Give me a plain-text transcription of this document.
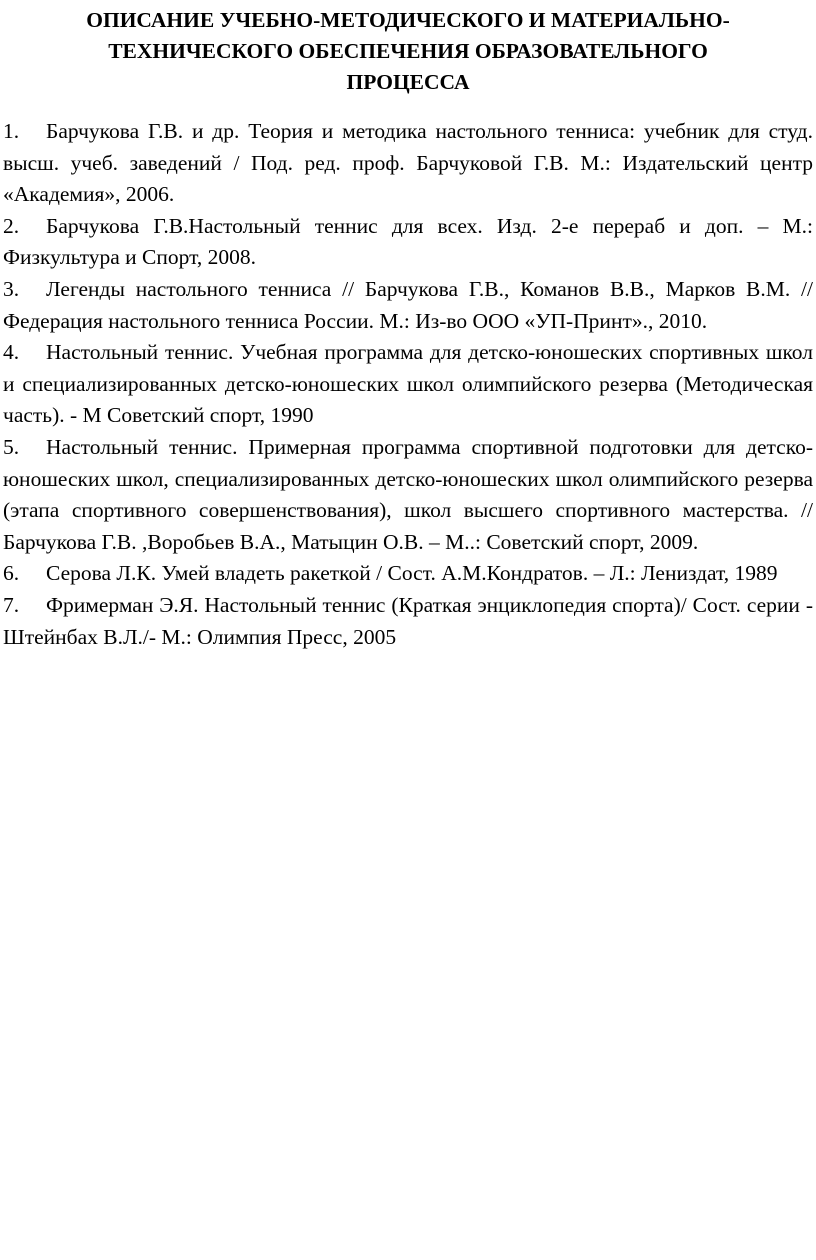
ОПИСАНИЕ УЧЕБНО-МЕТОДИЧЕСКОГО И МАТЕРИАЛЬНО-
ТЕХНИЧЕСКОГО ОБЕСПЕЧЕНИЯ ОБРАЗОВАТЕЛЬНОГО
ПРОЦЕССА
1. Барчукова Г.В. и др. Теория и методика настольного тенниса: учебник для студ. высш. учеб. заведений / Под. ред. проф. Барчуковой Г.В. М.: Издательский центр «Академия», 2006.
2. Барчукова Г.В.Настольный теннис для всех. Изд. 2-е перераб и доп. – М.: Физкультура и Спорт, 2008.
3. Легенды настольного тенниса // Барчукова Г.В., Команов В.В., Марков В.М. // Федерация настольного тенниса России. М.: Из-во ООО «УП-Принт»., 2010.
4. Настольный теннис. Учебная программа для детско-юношеских спортивных школ и специализированных детско-юношеских школ олимпийского резерва (Методическая часть). - М Советский спорт, 1990
5. Настольный теннис. Примерная программа спортивной подготовки для детско-юношеских школ, специализированных детско-юношеских школ олимпийского резерва (этапа спортивного совершенствования), школ высшего спортивного мастерства. // Барчукова Г.В. ,Воробьев В.А., Матыцин О.В. – М..: Советский спорт, 2009.
6. Серова Л.К. Умей владеть ракеткой / Сост. А.М.Кондратов. – Л.: Лениздат, 1989
7. Фримерман Э.Я. Настольный теннис (Краткая энциклопедия спорта)/ Сост. серии - Штейнбах В.Л./- М.: Олимпия Пресс, 2005
